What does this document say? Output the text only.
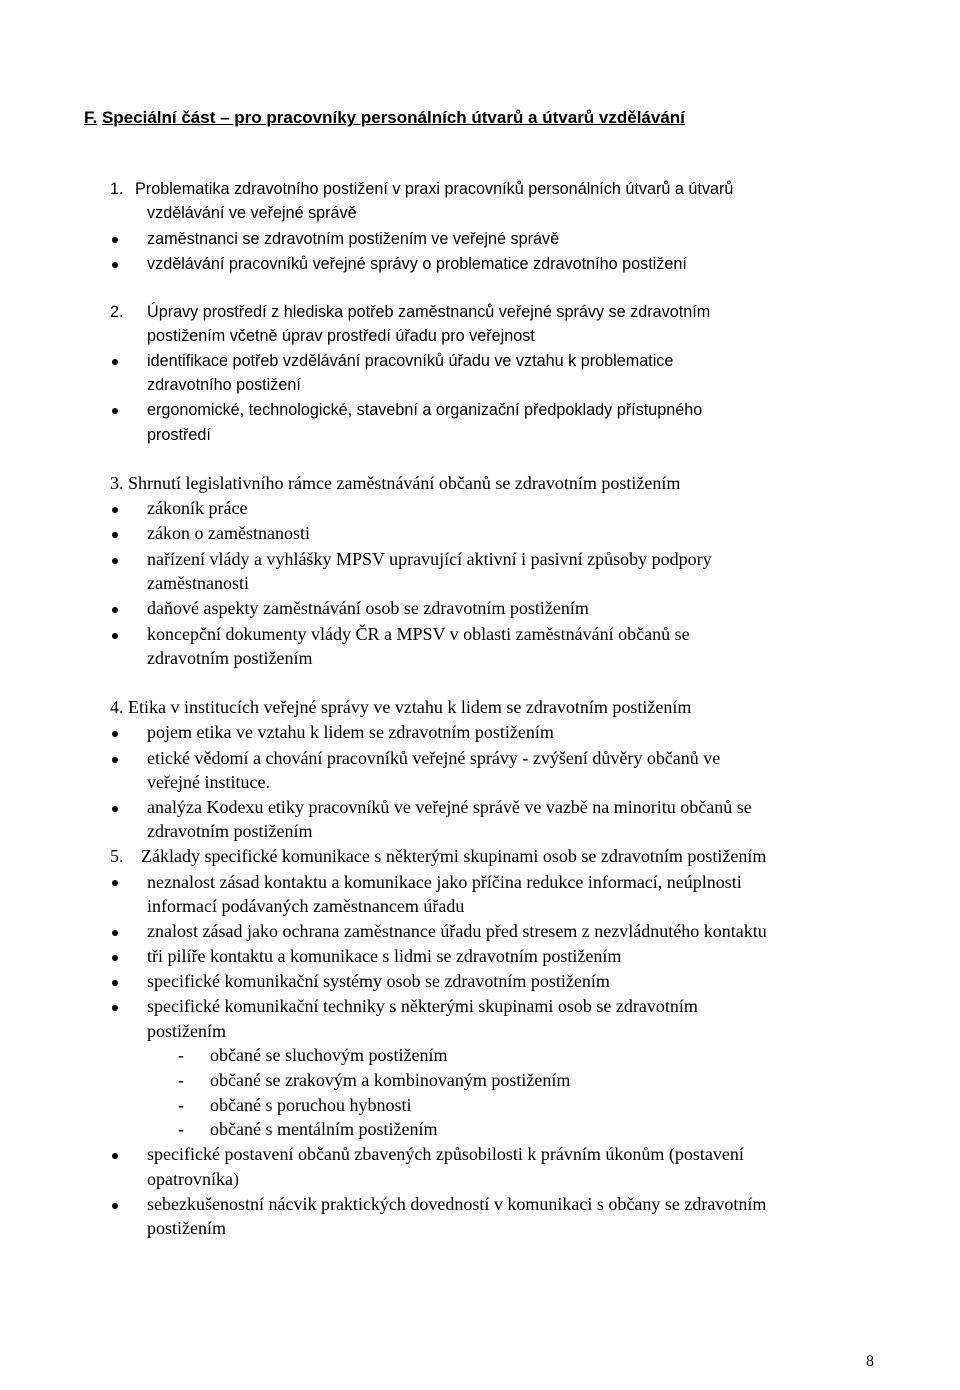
F. Speciální část – pro pracovníky personálních útvarů a útvarů vzdělávání
1. Problematika zdravotního postižení v praxi pracovníků personálních útvarů a útvarů
vzdělávání ve veřejné správě
zaměstnanci se zdravotním postižením ve veřejné správě
vzdělávání pracovníků veřejné správy o problematice zdravotního postižení
2. Úpravy prostředí z hlediska potřeb zaměstnanců veřejné správy se zdravotním
postižením včetně úprav prostředí úřadu pro veřejnost
identifikace potřeb vzdělávání pracovníků úřadu ve vztahu k problematice
zdravotního postižení
ergonomické, technologické, stavební a organizační předpoklady přístupného
prostředí
3. Shrnutí legislativního rámce zaměstnávání občanů se zdravotním postižením
zákoník práce
zákon o zaměstnanosti
nařízení vlády a vyhlášky MPSV upravující aktivní i pasivní způsoby podpory
zaměstnanosti
daňové aspekty zaměstnávání osob se zdravotním postižením
koncepční dokumenty vlády ČR a MPSV v oblasti zaměstnávání občanů se
zdravotním postižením
4. Etika v institucích veřejné správy ve vztahu k lidem se zdravotním postižením
pojem etika ve vztahu k lidem se zdravotním postižením
etické vědomí a chování pracovníků veřejné správy - zvýšení důvěry občanů ve
veřejné instituce.
analýza Kodexu etiky pracovníků ve veřejné správě ve vazbě na minoritu občanů se
zdravotním postižením
5. Základy specifické komunikace s některými skupinami osob se zdravotním postižením
neznalost zásad kontaktu a komunikace jako příčina redukce informací, neúplnosti
informací podávaných zaměstnancem úřadu
znalost zásad jako ochrana zaměstnance úřadu před stresem z nezvládnutého kontaktu
tři pilíře kontaktu a komunikace s lidmi se zdravotním postižením
specifické komunikační systémy osob se zdravotním postižením
specifické komunikační techniky s některými skupinami osob se zdravotním
postižením
- občané se sluchovým postižením
- občané se zrakovým a kombinovaným postižením
- občané s poruchou hybnosti
- občané s mentálním postižením
specifické postavení občanů zbavených způsobilosti k právním úkonům (postavení
opatrovníka)
sebezkušenostní nácvik praktických dovedností v komunikaci s občany se zdravotním
postižením
8
